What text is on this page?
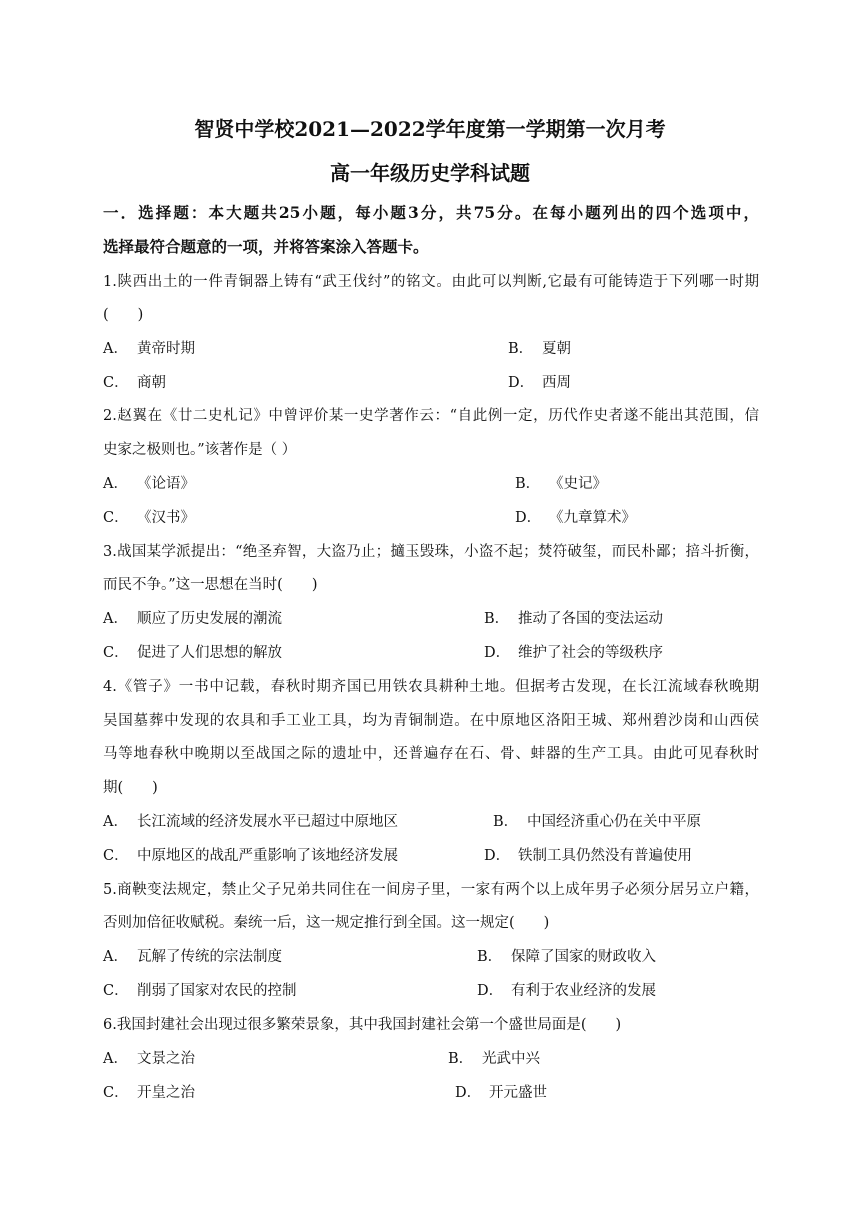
智贤中学校2021—2022学年度第一学期第一次月考
高一年级历史学科试题
一．选择题：本大题共25小题，每小题3分，共75分。在每小题列出的四个选项中，
选择最符合题意的一项，并将答案涂入答题卡。
1.陕西出土的一件青铜器上铸有“武王伐纣”的铭文。由此可以判断,它最有可能铸造于下列哪一时期
(　　)
A． 黄帝时期	B． 夏朝
C． 商朝	D． 西周
2.赵翼在《廿二史札记》中曾评价某一史学著作云：“自此例一定，历代作史者遂不能出其范围，信
史家之极则也。”该著作是（ ）
A． 《论语》	B． 《史记》
C． 《汉书》	D． 《九章算术》
3.战国某学派提出：“绝圣弃智，大盗乃止；擿玉毁珠，小盗不起；焚符破玺，而民朴鄙；掊斗折衡，
而民不争。”这一思想在当时(　　)
A． 顺应了历史发展的潮流	B． 推动了各国的变法运动
C． 促进了人们思想的解放	D． 维护了社会的等级秩序
4.《管子》一书中记载，春秋时期齐国已用铁农具耕种土地。但据考古发现，在长江流域春秋晚期
吴国墓葬中发现的农具和手工业工具，均为青铜制造。在中原地区洛阳王城、郑州碧沙岗和山西侯
马等地春秋中晚期以至战国之际的遗址中，还普遍存在石、骨、蚌器的生产工具。由此可见春秋时
期(　　)
A． 长江流域的经济发展水平已超过中原地区	B． 中国经济重心仍在关中平原
C． 中原地区的战乱严重影响了该地经济发展	D． 铁制工具仍然没有普遍使用
5.商鞅变法规定，禁止父子兄弟共同住在一间房子里，一家有两个以上成年男子必须分居另立户籍，
否则加倍征收赋税。秦统一后，这一规定推行到全国。这一规定(　　)
A． 瓦解了传统的宗法制度	B． 保障了国家的财政收入
C． 削弱了国家对农民的控制	D． 有利于农业经济的发展
6.我国封建社会出现过很多繁荣景象，其中我国封建社会第一个盛世局面是(　　)
A． 文景之治	B． 光武中兴
C． 开皇之治	D． 开元盛世
